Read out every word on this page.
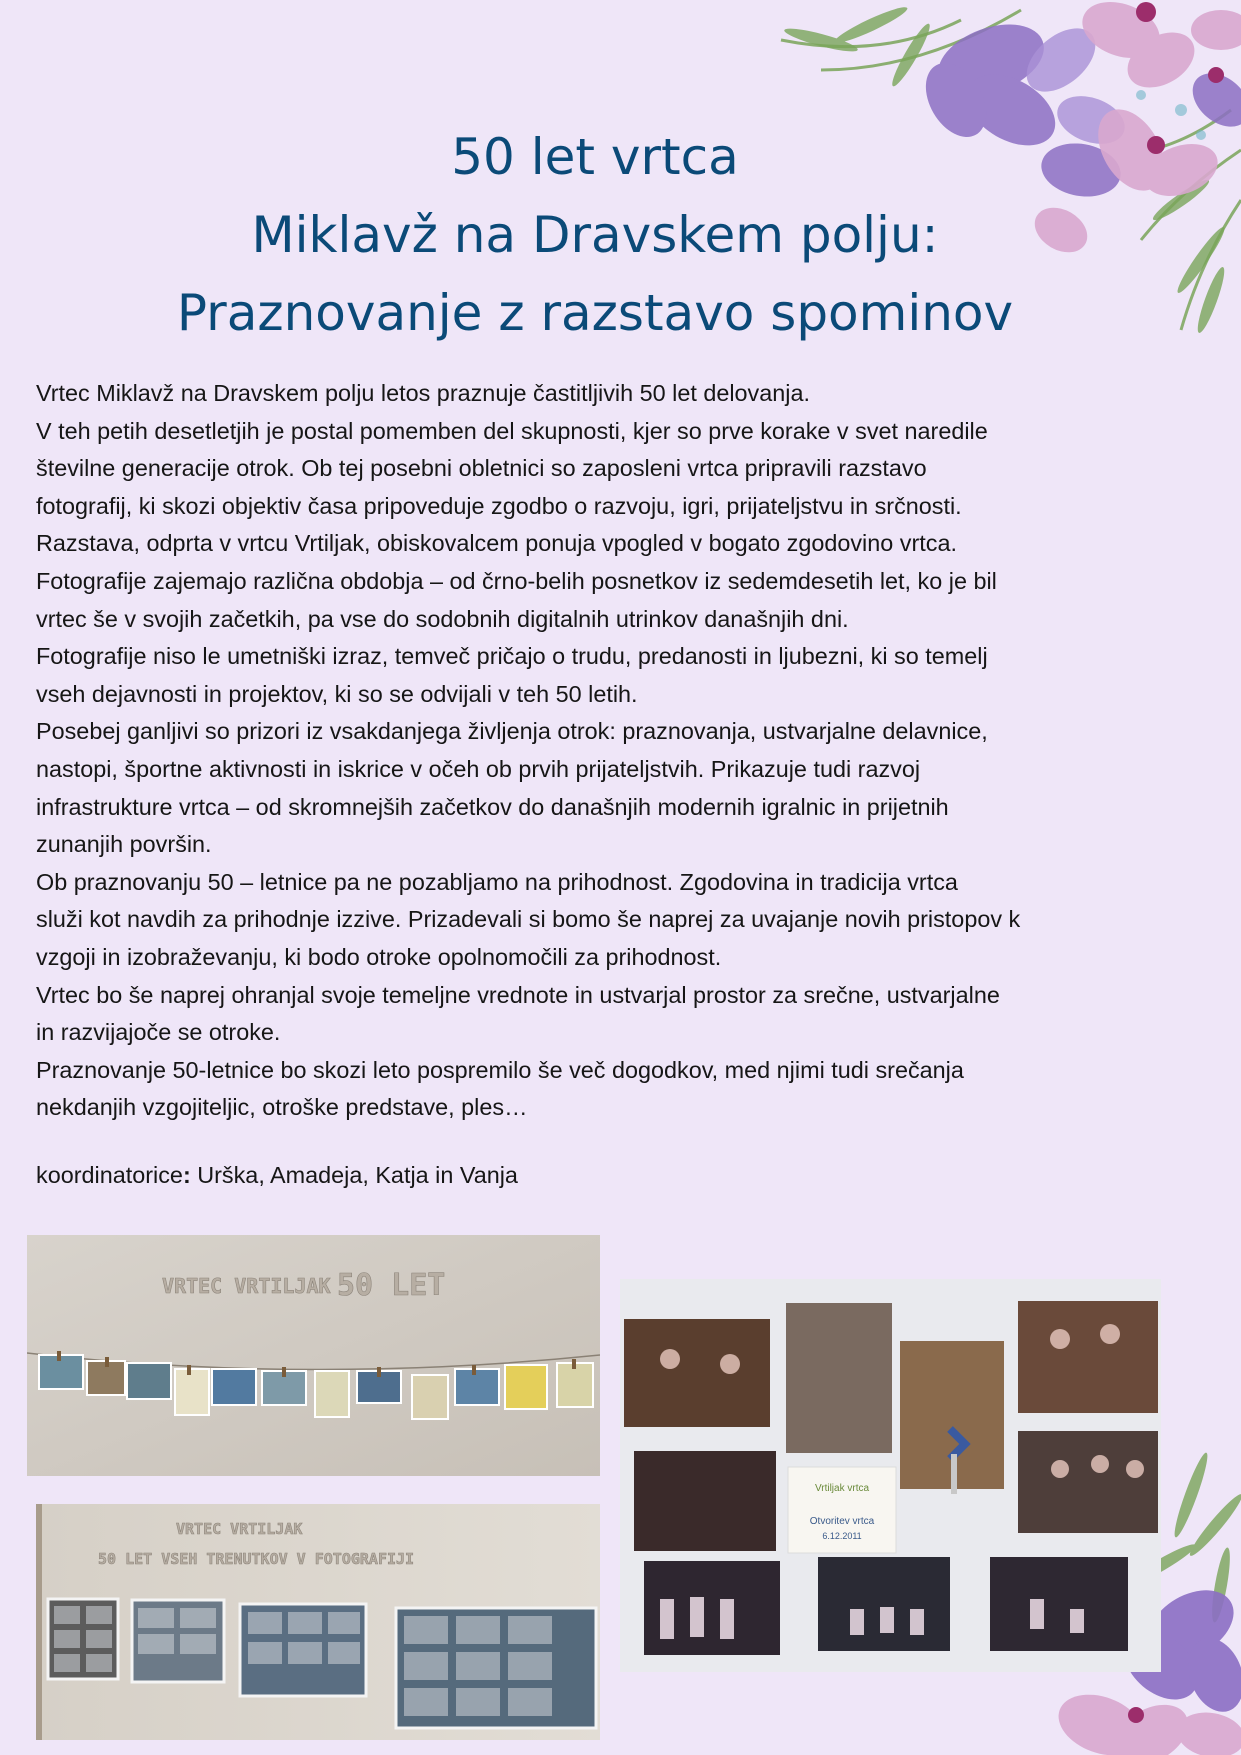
50 let vrtca
Miklavž na Dravskem polju:
Praznovanje z razstavo spominov

Vrtec Miklavž na Dravskem polju letos praznuje častitljivih 50 let delovanja.

V teh petih desetletjih je postal pomemben del skupnosti, kjer so prve korake v svet naredile

številne generacije otrok. Ob tej posebni obletnici so zaposleni vrtca pripravili razstavo

fotografij, ki skozi objektiv časa pripoveduje zgodbo o razvoju, igri, prijateljstvu in srčnosti.

Razstava, odprta v vrtcu Vrtiljak, obiskovalcem ponuja vpogled v bogato zgodovino vrtca.

Fotografije zajemajo različna obdobja – od črno-belih posnetkov iz sedemdesetih let, ko je bil

vrtec še v svojih začetkih, pa vse do sodobnih digitalnih utrinkov današnjih dni.

Fotografije niso le umetniški izraz, temveč pričajo o trudu, predanosti in ljubezni, ki so temelj

vseh dejavnosti in projektov, ki so se odvijali v teh 50 letih.

Posebej ganljivi so prizori iz vsakdanjega življenja otrok: praznovanja, ustvarjalne delavnice,

nastopi, športne aktivnosti in iskrice v očeh ob prvih prijateljstvih. Prikazuje tudi razvoj

infrastrukture vrtca – od skromnejših začetkov do današnjih modernih igralnic in prijetnih

zunanjih površin.

Ob praznovanju 50 – letnice pa ne pozabljamo na prihodnost. Zgodovina in tradicija vrtca

služi kot navdih za prihodnje izzive. Prizadevali si bomo še naprej za uvajanje novih pristopov k

vzgoji in izobraževanju, ki bodo otroke opolnomočili za prihodnost.

Vrtec bo še naprej ohranjal svoje temeljne vrednote in ustvarjal prostor za srečne, ustvarjalne

in razvijajoče se otroke.

Praznovanje 50-letnice bo skozi leto pospremilo še več dogodkov, med njimi tudi srečanja

nekdanjih vzgojiteljic, otroške predstave, ples…

koordinatorice: Urška, Amadeja, Katja in Vanja
VRTEC VRTILJAK 50 LET
VRTEC VRTILJAK
50 LET VSEH TRENUTKOV V FOTOGRAFIJI
Vrtiljak vrtca
Otvoritev vrtca
6.12.2011
